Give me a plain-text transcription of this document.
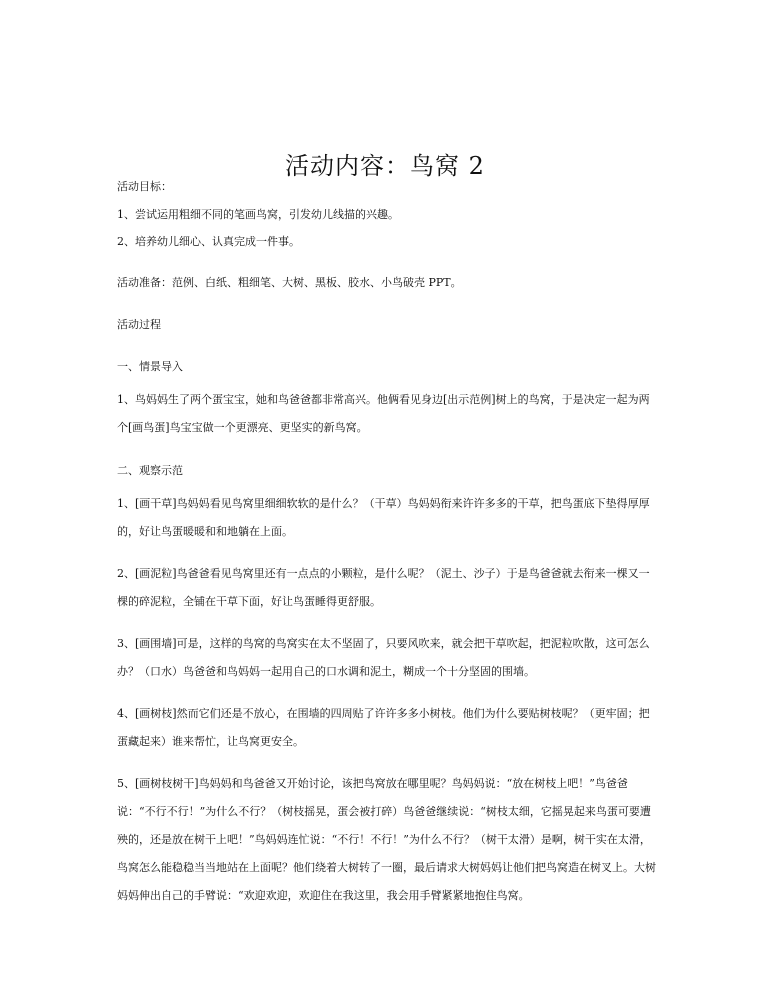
活动内容：鸟窝 2

活动目标：

1、尝试运用粗细不同的笔画鸟窝，引发幼儿线描的兴趣。

2、培养幼儿细心、认真完成一件事。

活动准备：范例、白纸、粗细笔、大树、黑板、胶水、小鸟破壳 PPT。

活动过程

一、情景导入

1、鸟妈妈生了两个蛋宝宝，她和鸟爸爸都非常高兴。他俩看见身边[出示范例]树上的鸟窝，于是决定一起为两个[画鸟蛋]鸟宝宝做一个更漂亮、更坚实的新鸟窝。

二、观察示范

1、[画干草]鸟妈妈看见鸟窝里细细软软的是什么？（干草）鸟妈妈衔来许许多多的干草，把鸟蛋底下垫得厚厚的，好让鸟蛋暖暖和和地躺在上面。

2、[画泥粒]鸟爸爸看见鸟窝里还有一点点的小颗粒，是什么呢？（泥土、沙子）于是鸟爸爸就去衔来一棵又一棵的碎泥粒，全铺在干草下面，好让鸟蛋睡得更舒服。

3、[画围墙]可是，这样的鸟窝的鸟窝实在太不坚固了，只要风吹来，就会把干草吹起，把泥粒吹散，这可怎么办？（口水）鸟爸爸和鸟妈妈一起用自己的口水调和泥土，糊成一个十分坚固的围墙。

4、[画树枝]然而它们还是不放心，在围墙的四周贴了许许多多小树枝。他们为什么要贴树枝呢？（更牢固；把蛋藏起来）谁来帮忙，让鸟窝更安全。

5、[画树枝树干]鸟妈妈和鸟爸爸又开始讨论，该把鸟窝放在哪里呢？鸟妈妈说：“放在树枝上吧！”鸟爸爸说：“不行不行！”为什么不行？（树枝摇晃，蛋会被打碎）鸟爸爸继续说：“树枝太细，它摇晃起来鸟蛋可要遭殃的，还是放在树干上吧！”鸟妈妈连忙说：“不行！不行！”为什么不行？（树干太滑）是啊，树干实在太滑，鸟窝怎么能稳稳当当地站在上面呢？他们绕着大树转了一圈，最后请求大树妈妈让他们把鸟窝造在树叉上。大树妈妈伸出自己的手臂说：“欢迎欢迎，欢迎住在我这里，我会用手臂紧紧地抱住鸟窝。
